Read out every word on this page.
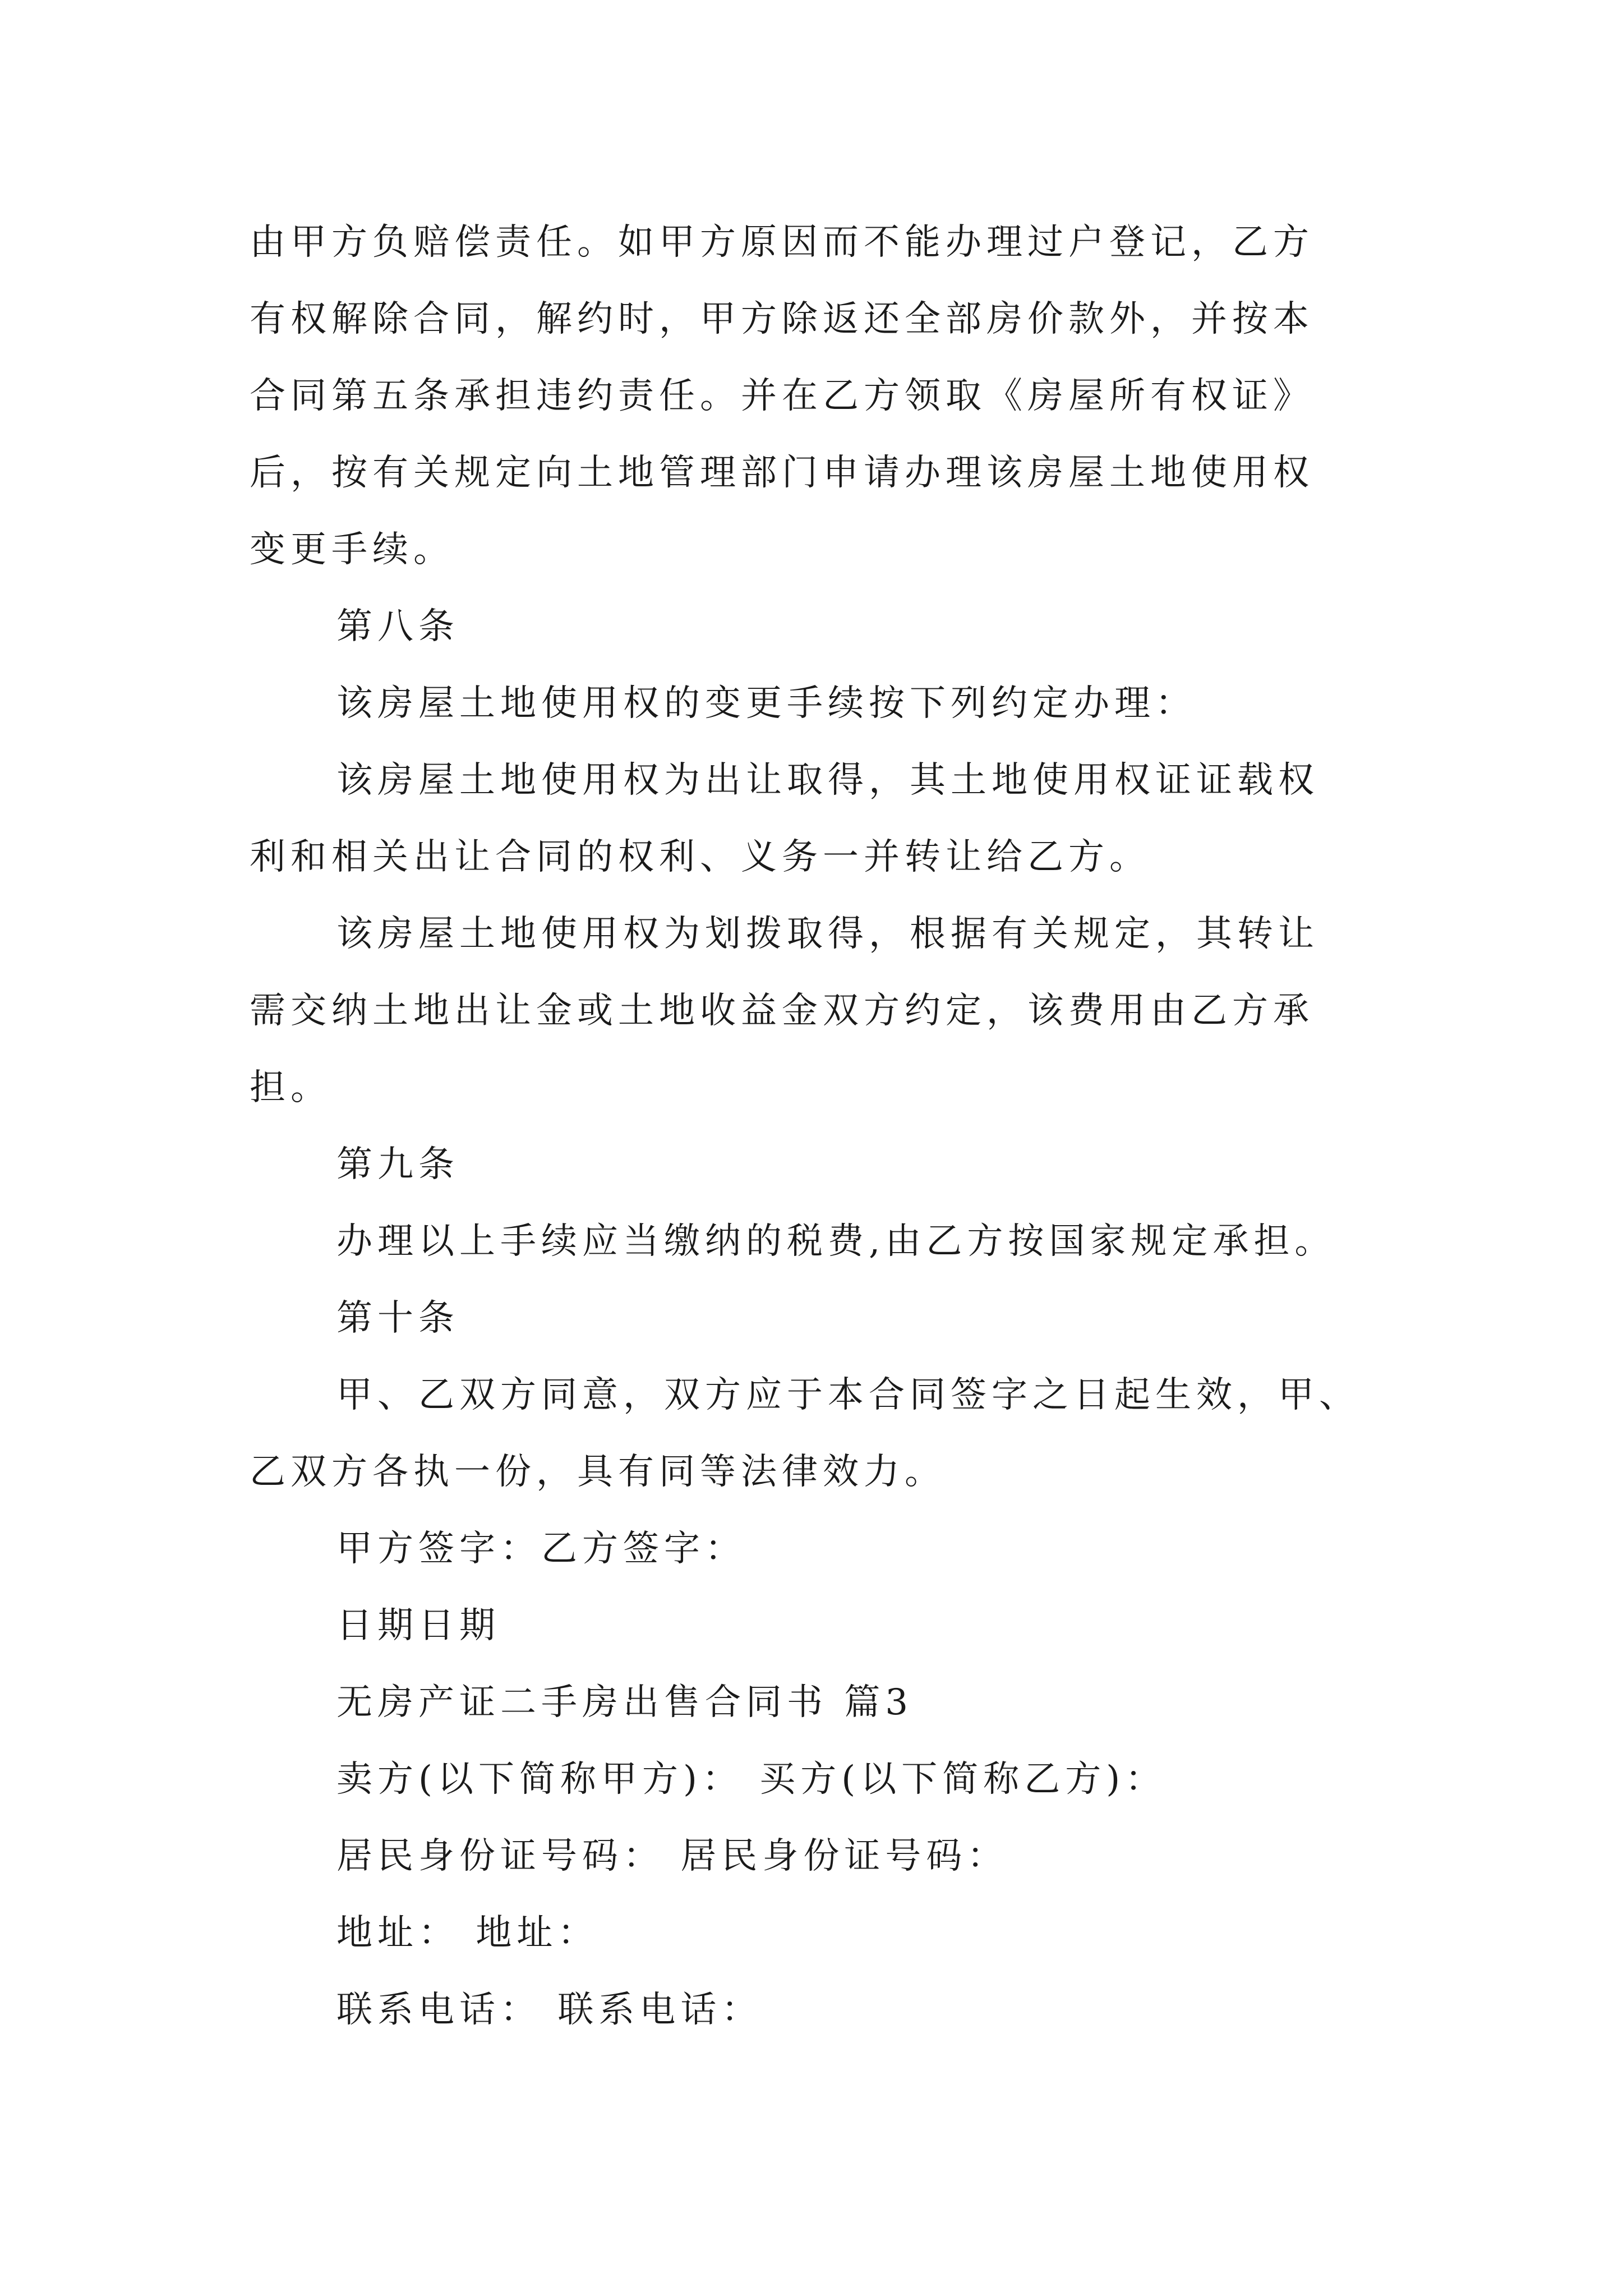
由甲方负赔偿责任。如甲方原因而不能办理过户登记，乙方
有权解除合同，解约时，甲方除返还全部房价款外，并按本
合同第五条承担违约责任。并在乙方领取《房屋所有权证》
后，按有关规定向土地管理部门申请办理该房屋土地使用权
变更手续。
第八条
该房屋土地使用权的变更手续按下列约定办理：
该房屋土地使用权为出让取得，其土地使用权证证载权
利和相关出让合同的权利、义务一并转让给乙方。
该房屋土地使用权为划拨取得，根据有关规定，其转让
需交纳土地出让金或土地收益金双方约定，该费用由乙方承
担。
第九条
办理以上手续应当缴纳的税费,由乙方按国家规定承担。
第十条
甲、乙双方同意，双方应于本合同签字之日起生效，甲、
乙双方各执一份，具有同等法律效力。
甲方签字：乙方签字：
日期日期
无房产证二手房出售合同书 篇3
卖方(以下简称甲方)： 买方(以下简称乙方)：
居民身份证号码： 居民身份证号码：
地址： 地址：
联系电话： 联系电话：
